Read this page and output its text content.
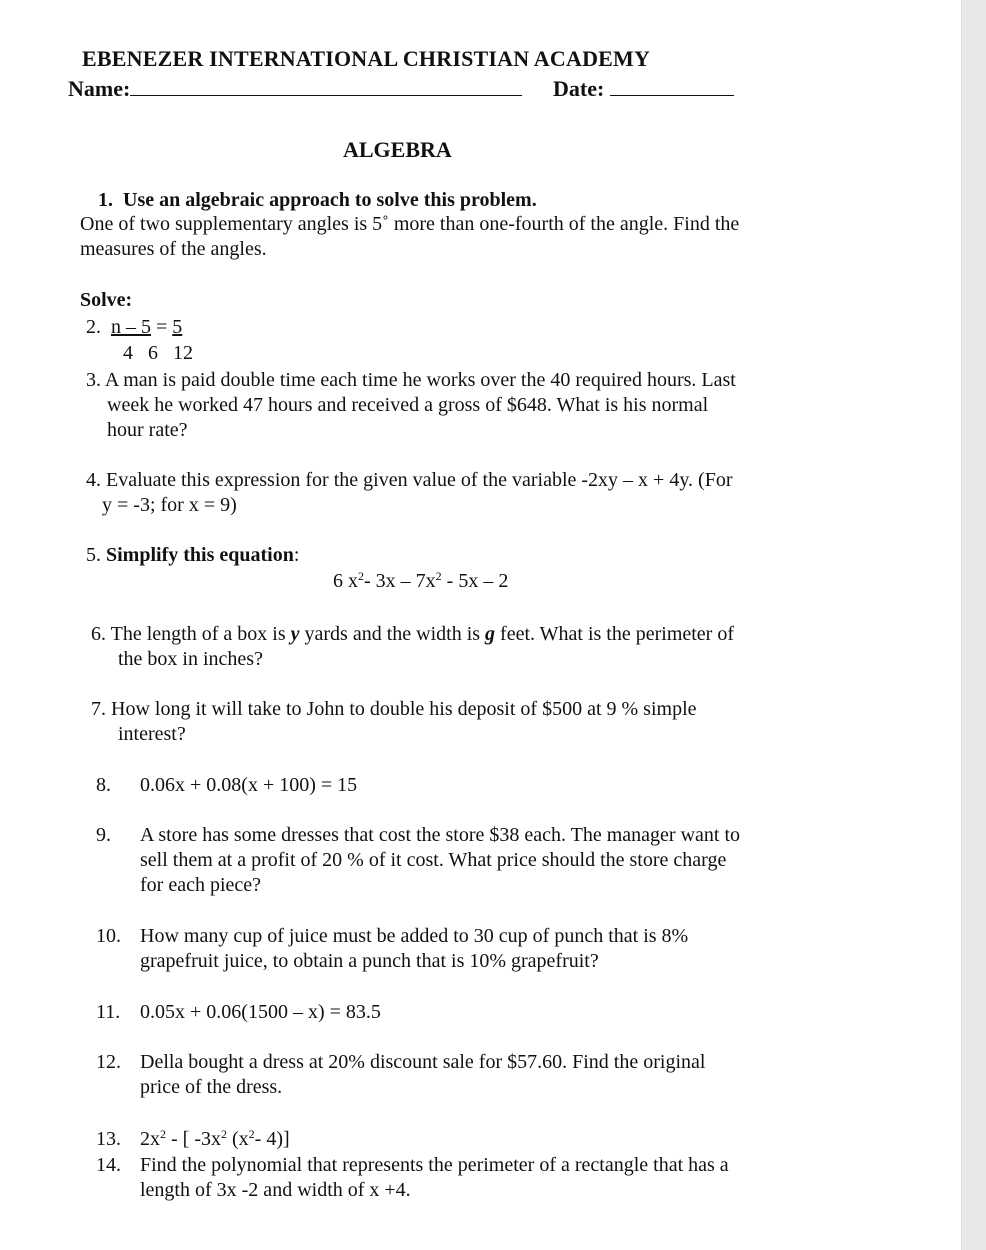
EBENEZER INTERNATIONAL CHRISTIAN ACADEMY
Name:	Date:
ALGEBRA
1. Use an algebraic approach to solve this problem.
One of two supplementary angles is 5˚ more than one-fourth of the angle. Find the
measures of the angles.
Solve:
2. n – 5 = 5
4 6 12
3. A man is paid double time each time he works over the 40 required hours. Last
week he worked 47 hours and received a gross of $648. What is his normal
hour rate?
4. Evaluate this expression for the given value of the variable -2xy – x + 4y. (For
y = -3; for x = 9)
5. Simplify this equation:
6 $x^2-$ $3x - 7x^2 - 5x - 2$
6. The length of a box is y yards and the width is g feet. What is the perimeter of
the box in inches?
7. How long it will take to John to double his deposit of $500 at 9 % simple
interest?
8. 0.06x + 0.08(x + 100) = 15
9. A store has some dresses that cost the store $38 each. The manager want to
sell them at a profit of 20 % of it cost. What price should the store charge
for each piece?
10. How many cup of juice must be added to 30 cup of punch that is 8%
grapefruit juice, to obtain a punch that is 10% grapefruit?
11. 0.05x + 0.06(1500 – x) = 83.5
12. Della bought a dress at 20% discount sale for $57.60. Find the original
price of the dress.
13. $2x^2$ - [ $-3x^2$ ($x^2-$ 4)]
14. Find the polynomial that represents the perimeter of a rectangle that has a
length of 3x -2 and width of x +4.
